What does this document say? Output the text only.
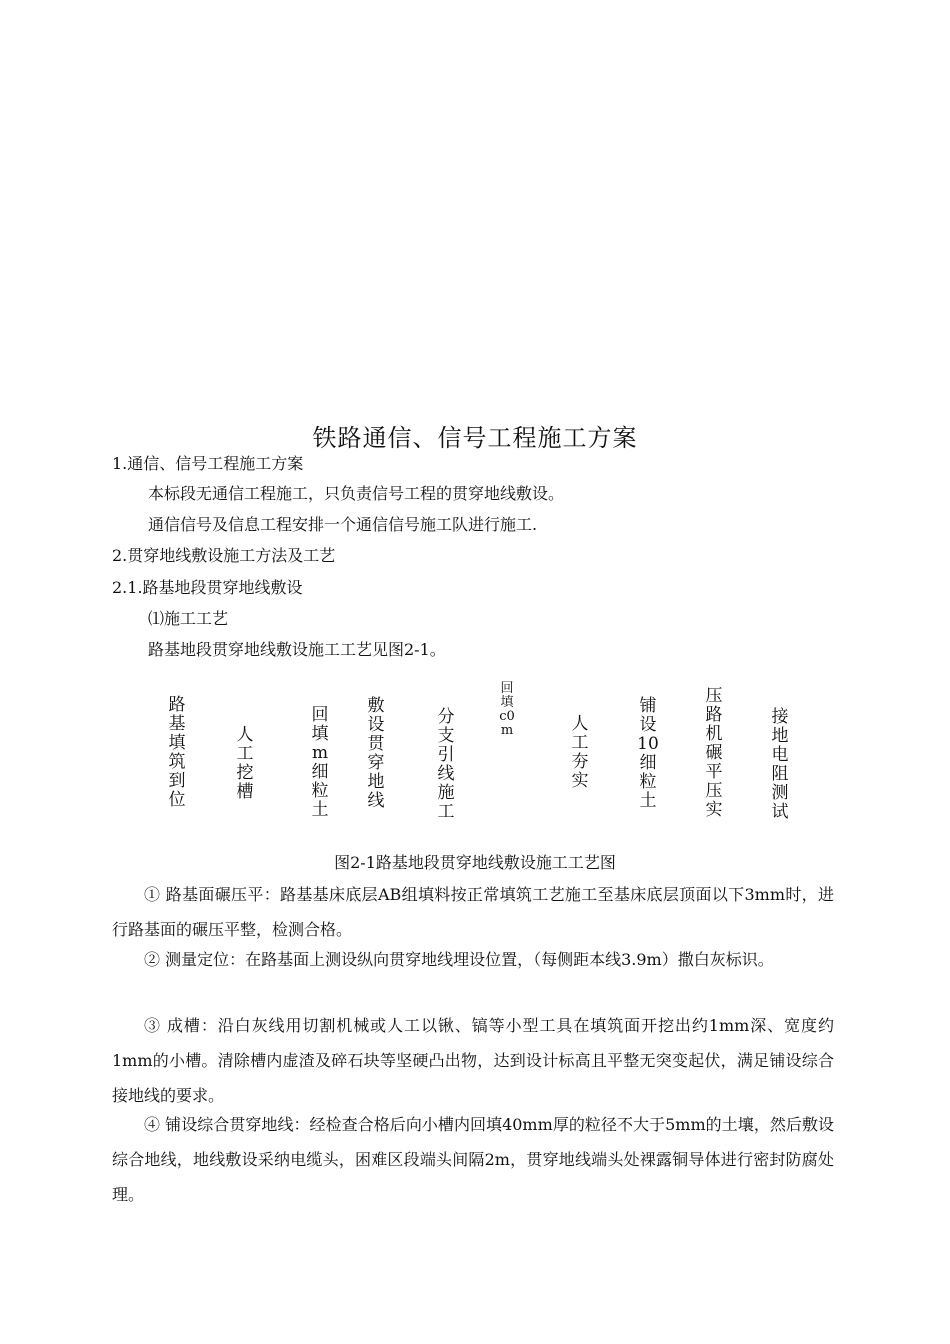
铁路通信、信号工程施工方案
1.通信、信号工程施工方案
本标段无通信工程施工，只负责信号工程的贯穿地线敷设。
通信信号及信息工程安排一个通信信号施工队进行施工.
2.贯穿地线敷设施工方法及工艺
2.1.路基地段贯穿地线敷设
⑴施工工艺
路基地段贯穿地线敷设施工工艺见图2-1。
路基填筑到位
人工挖槽
回填m细粒土
敷设贯穿地线
分支引线施工
回填c0m	人工夯实
铺设10细粒土
压路机碾平压实
接地电阻测试
图2-1路基地段贯穿地线敷设施工工艺图
① 路基面碾压平：路基基床底层AB组填料按正常填筑工艺施工至基床底层顶面以下3mm时，进行路基面的碾压平整，检测合格。
② 测量定位：在路基面上测设纵向贯穿地线埋设位置，（每侧距本线3.9m）撒白灰标识。
③ 成槽：沿白灰线用切割机械或人工以锹、镐等小型工具在填筑面开挖出约1mm深、宽度约1mm的小槽。清除槽内虚渣及碎石块等坚硬凸出物，达到设计标高且平整无突变起伏，满足铺设综合接地线的要求。
④ 铺设综合贯穿地线：经检查合格后向小槽内回填40mm厚的粒径不大于5mm的土壤，然后敷设综合地线，地线敷设采纳电缆头，困难区段端头间隔2m，贯穿地线端头处裸露铜导体进行密封防腐处理。
